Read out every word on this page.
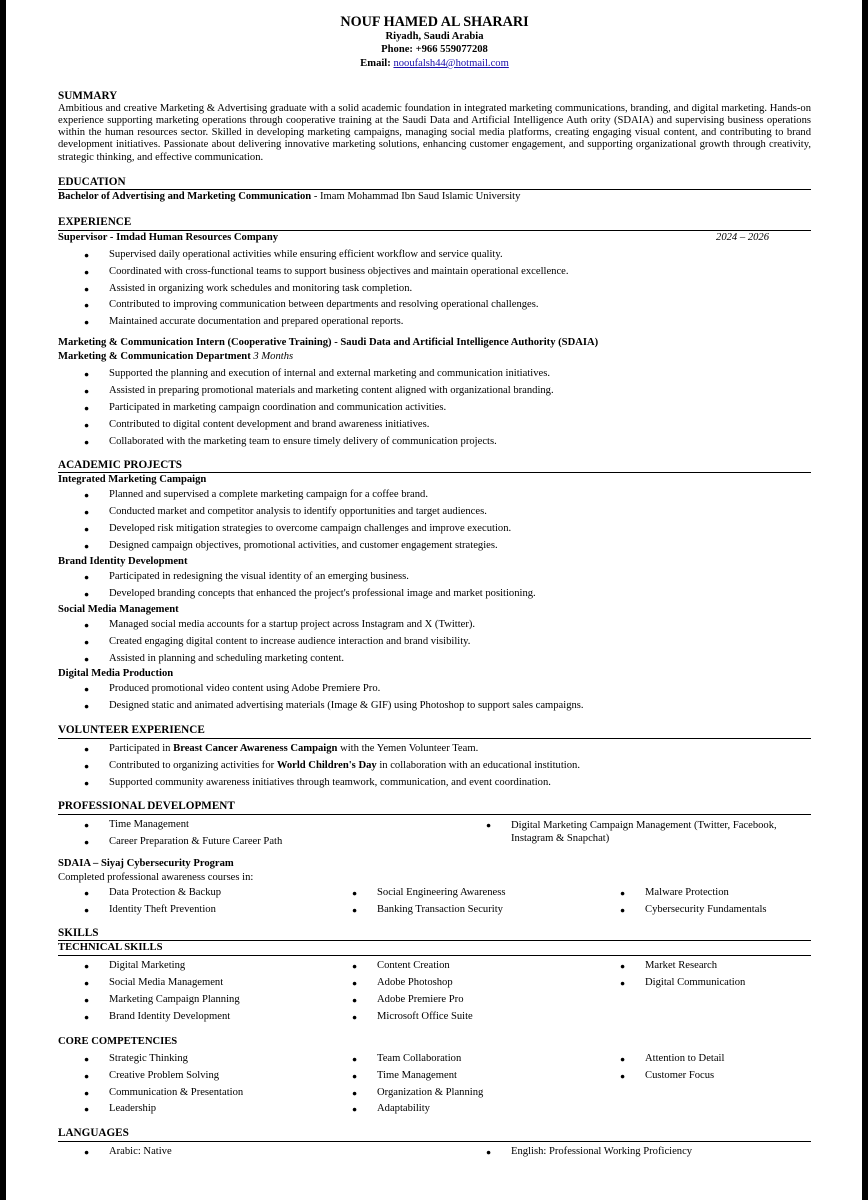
NOUF HAMED AL SHARARI
Riyadh, Saudi Arabia
Phone: +966 559077208
Email: nooufalsh44@hotmail.com
SUMMARY
Ambitious and creative Marketing & Advertising graduate with a solid academic foundation in integrated marketing communications, branding, and digital marketing. Hands-on experience supporting marketing operations through cooperative training at the Saudi Data and Artificial Intelligence Auth ority (SDAIA) and supervising business operations within the human resources sector. Skilled in developing marketing campaigns, managing social media platforms, creating engaging visual content, and contributing to brand development initiatives. Passionate about delivering innovative marketing solutions, enhancing customer engagement, and supporting organizational growth through creativity, strategic thinking, and effective communication.
EDUCATION
Bachelor of Advertising and Marketing Communication - Imam Mohammad Ibn Saud Islamic University
EXPERIENCE
Supervisor - Imdad Human Resources Company	2024 – 2026
● Supervised daily operational activities while ensuring efficient workflow and service quality.
● Coordinated with cross-functional teams to support business objectives and maintain operational excellence.
● Assisted in organizing work schedules and monitoring task completion.
● Contributed to improving communication between departments and resolving operational challenges.
● Maintained accurate documentation and prepared operational reports.
Marketing & Communication Intern (Cooperative Training) - Saudi Data and Artificial Intelligence Authority (SDAIA)
Marketing & Communication Department 3 Months
● Supported the planning and execution of internal and external marketing and communication initiatives.
● Assisted in preparing promotional materials and marketing content aligned with organizational branding.
● Participated in marketing campaign coordination and communication activities.
● Contributed to digital content development and brand awareness initiatives.
● Collaborated with the marketing team to ensure timely delivery of communication projects.
ACADEMIC PROJECTS
Integrated Marketing Campaign
● Planned and supervised a complete marketing campaign for a coffee brand.
● Conducted market and competitor analysis to identify opportunities and target audiences.
● Developed risk mitigation strategies to overcome campaign challenges and improve execution.
● Designed campaign objectives, promotional activities, and customer engagement strategies.
Brand Identity Development
● Participated in redesigning the visual identity of an emerging business.
● Developed branding concepts that enhanced the project's professional image and market positioning.
Social Media Management
● Managed social media accounts for a startup project across Instagram and X (Twitter).
● Created engaging digital content to increase audience interaction and brand visibility.
● Assisted in planning and scheduling marketing content.
Digital Media Production
● Produced promotional video content using Adobe Premiere Pro.
● Designed static and animated advertising materials (Image & GIF) using Photoshop to support sales campaigns.
VOLUNTEER EXPERIENCE
● Participated in Breast Cancer Awareness Campaign with the Yemen Volunteer Team.
● Contributed to organizing activities for World Children's Day in collaboration with an educational institution.
● Supported community awareness initiatives through teamwork, communication, and event coordination.
PROFESSIONAL DEVELOPMENT
● Time Management
● Career Preparation & Future Career Path
● Digital Marketing Campaign Management (Twitter, Facebook, Instagram & Snapchat)
SDAIA – Siyaj Cybersecurity Program
Completed professional awareness courses in:
● Data Protection & Backup	● Social Engineering Awareness	● Malware Protection
● Identity Theft Prevention	● Banking Transaction Security	● Cybersecurity Fundamentals
SKILLS
TECHNICAL SKILLS
● Digital Marketing	● Content Creation	● Market Research
● Social Media Management	● Adobe Photoshop	● Digital Communication
● Marketing Campaign Planning	● Adobe Premiere Pro
● Brand Identity Development	● Microsoft Office Suite
CORE COMPETENCIES
● Strategic Thinking	● Team Collaboration	● Attention to Detail
● Creative Problem Solving	● Time Management	● Customer Focus
● Communication & Presentation	● Organization & Planning
● Leadership	● Adaptability
LANGUAGES
● Arabic: Native	● English: Professional Working Proficiency
